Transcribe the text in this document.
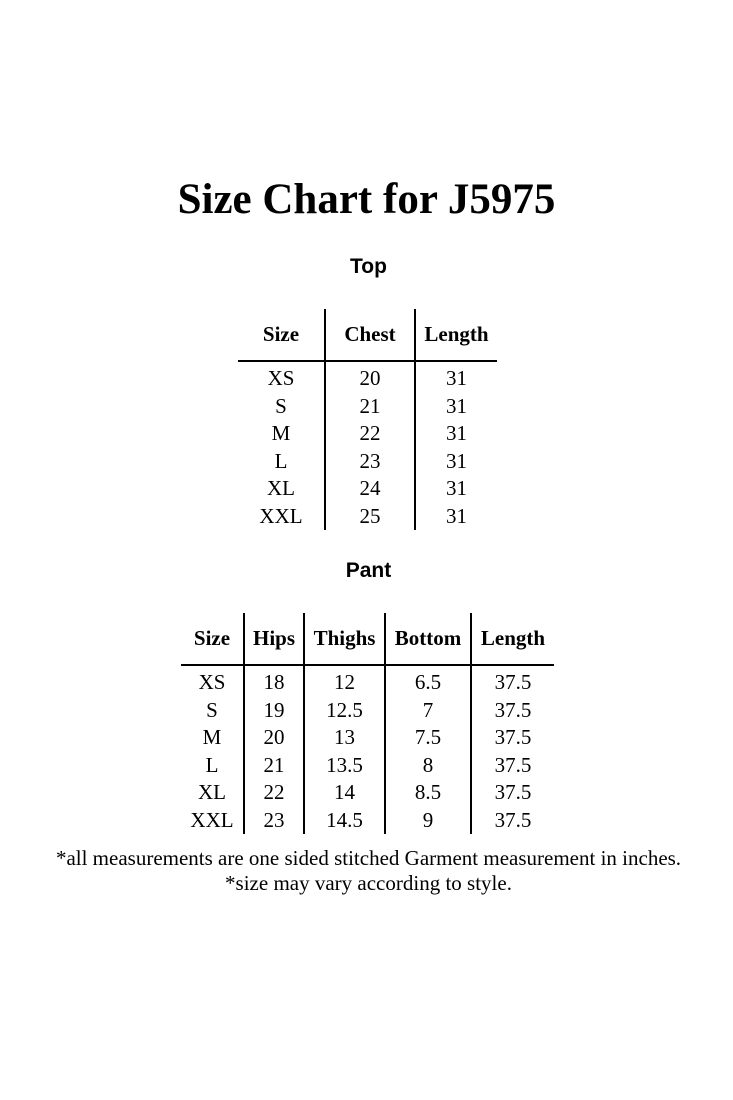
Size Chart for J5975
Top
Size	Chest	Length
XS	20	31
S	21	31
M	22	31
L	23	31
XL	24	31
XXL	25	31
Pant
Size	Hips	Thighs	Bottom	Length
XS	18	12	6.5	37.5
S	19	12.5	7	37.5
M	20	13	7.5	37.5
L	21	13.5	8	37.5
XL	22	14	8.5	37.5
XXL	23	14.5	9	37.5

*all measurements are one sided stitched Garment measurement in inches.

*size may vary according to style.
